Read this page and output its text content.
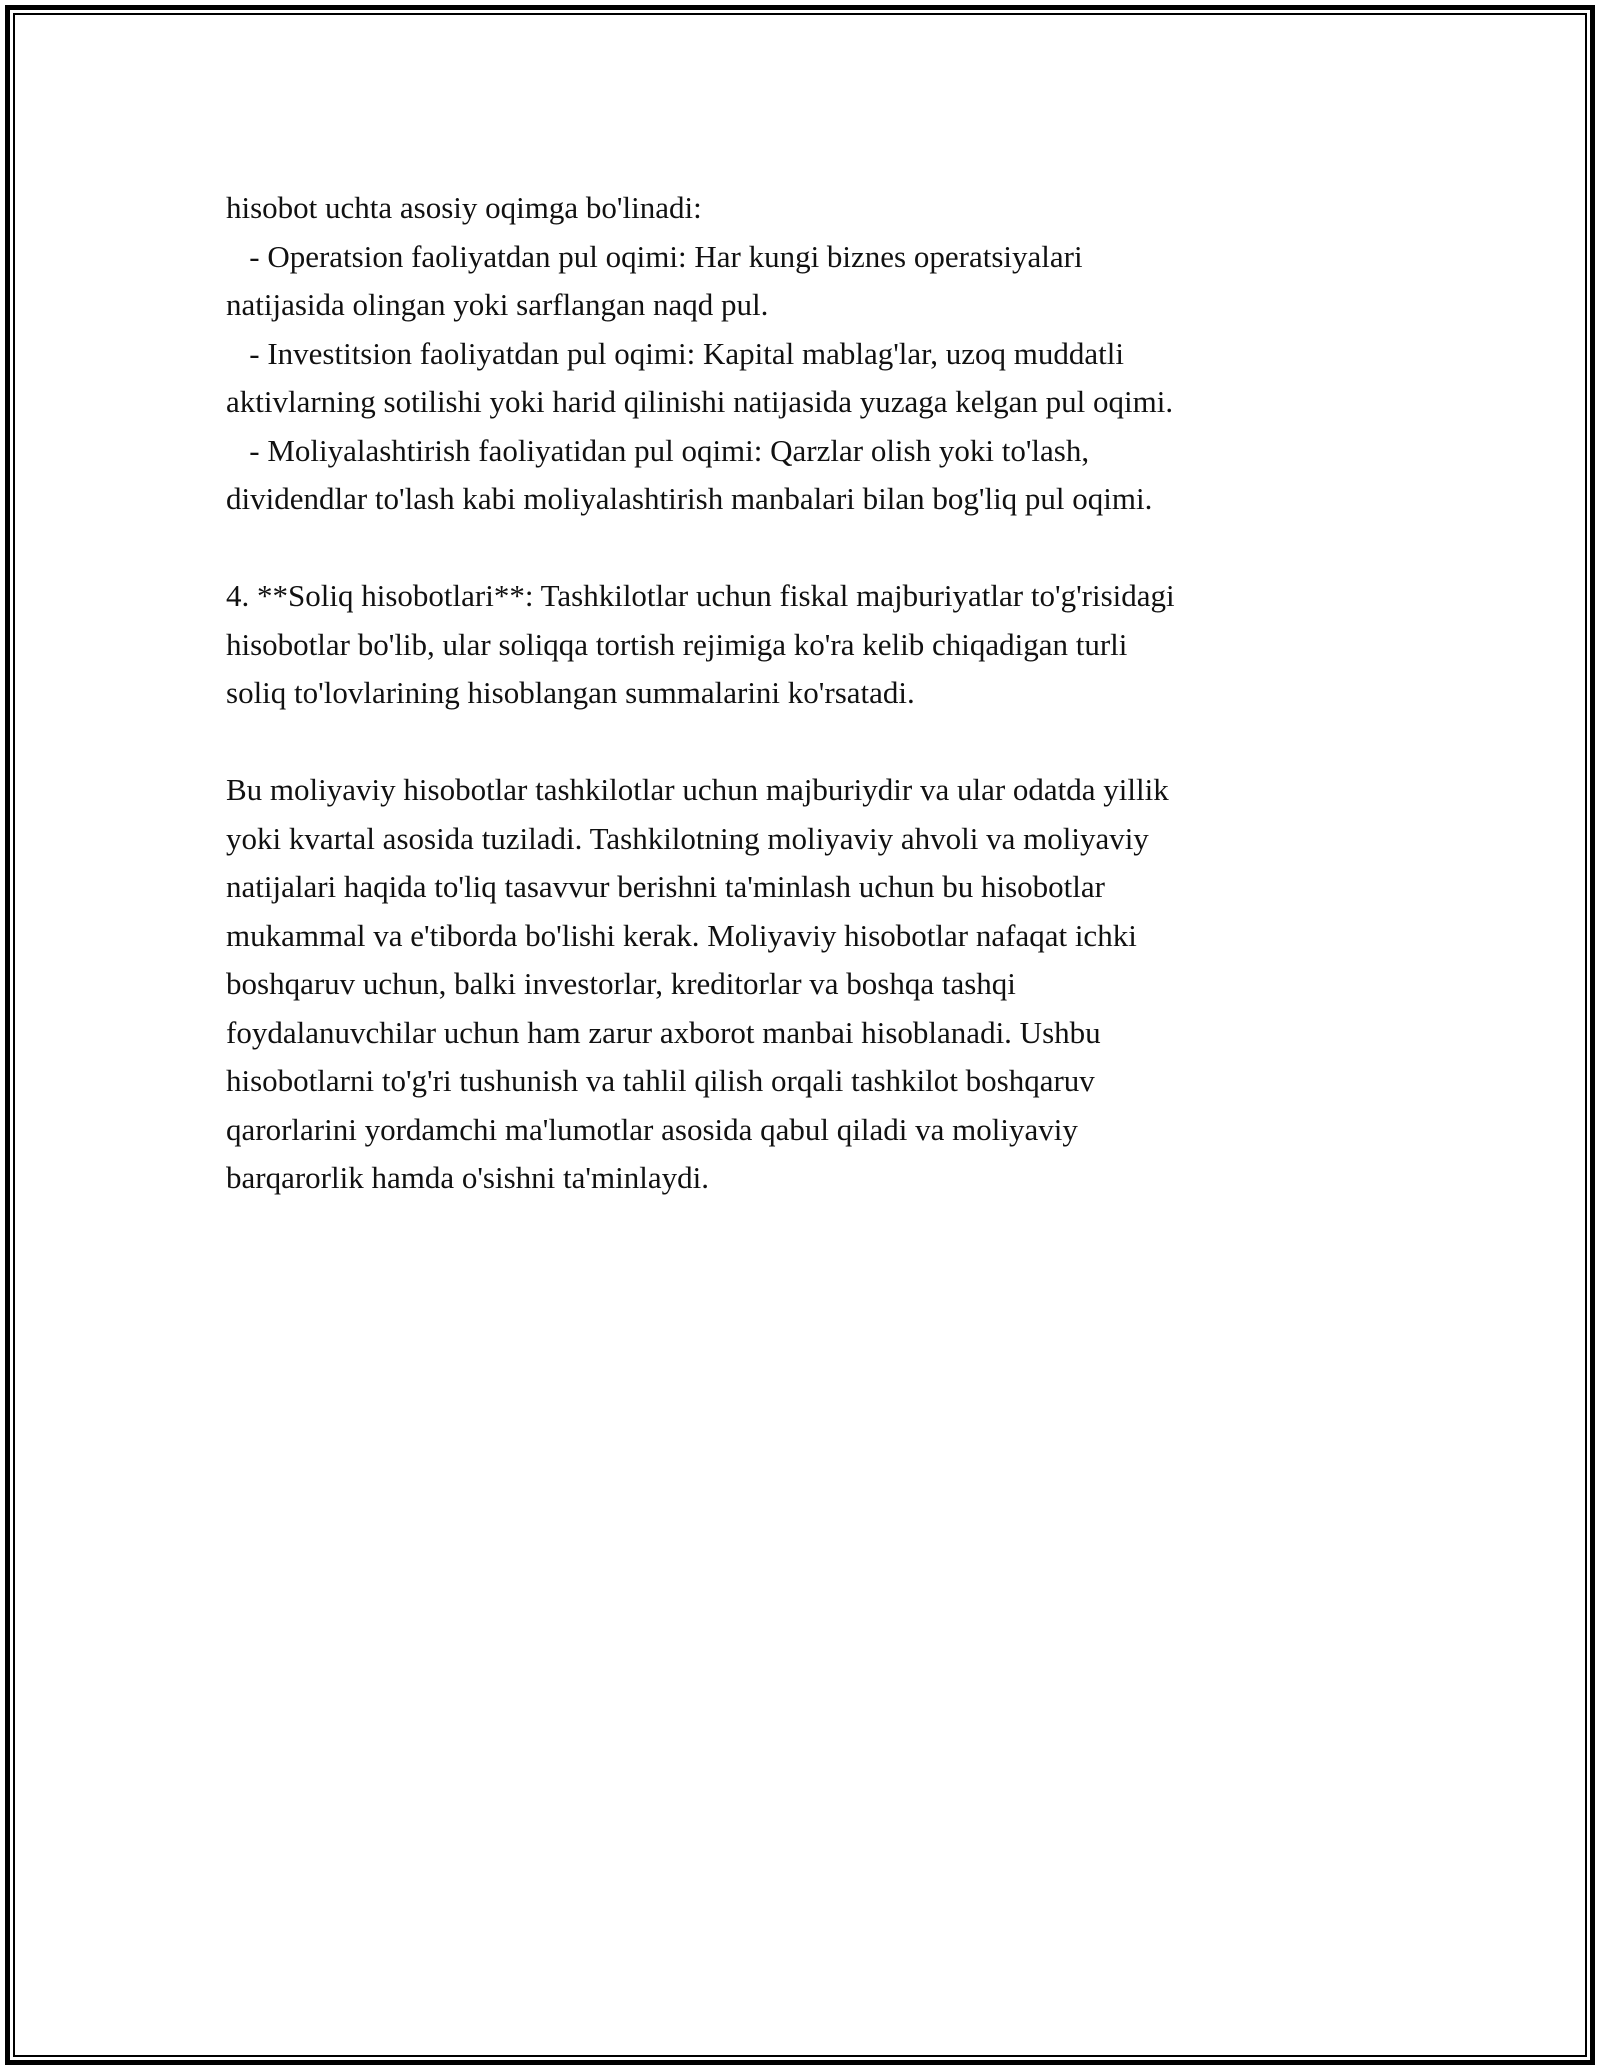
hisobot uchta asosiy oqimga bo'linadi:
- Operatsion faoliyatdan pul oqimi: Har kungi biznes operatsiyalari
natijasida olingan yoki sarflangan naqd pul.
- Investitsion faoliyatdan pul oqimi: Kapital mablag'lar, uzoq muddatli
aktivlarning sotilishi yoki harid qilinishi natijasida yuzaga kelgan pul oqimi.
- Moliyalashtirish faoliyatidan pul oqimi: Qarzlar olish yoki to'lash,
dividendlar to'lash kabi moliyalashtirish manbalari bilan bog'liq pul oqimi.
4. **Soliq hisobotlari**: Tashkilotlar uchun fiskal majburiyatlar to'g'risidagi
hisobotlar bo'lib, ular soliqqa tortish rejimiga ko'ra kelib chiqadigan turli
soliq to'lovlarining hisoblangan summalarini ko'rsatadi.
Bu moliyaviy hisobotlar tashkilotlar uchun majburiydir va ular odatda yillik
yoki kvartal asosida tuziladi. Tashkilotning moliyaviy ahvoli va moliyaviy
natijalari haqida to'liq tasavvur berishni ta'minlash uchun bu hisobotlar
mukammal va e'tiborda bo'lishi kerak. Moliyaviy hisobotlar nafaqat ichki
boshqaruv uchun, balki investorlar, kreditorlar va boshqa tashqi
foydalanuvchilar uchun ham zarur axborot manbai hisoblanadi. Ushbu
hisobotlarni to'g'ri tushunish va tahlil qilish orqali tashkilot boshqaruv
qarorlarini yordamchi ma'lumotlar asosida qabul qiladi va moliyaviy
barqarorlik hamda o'sishni ta'minlaydi.
